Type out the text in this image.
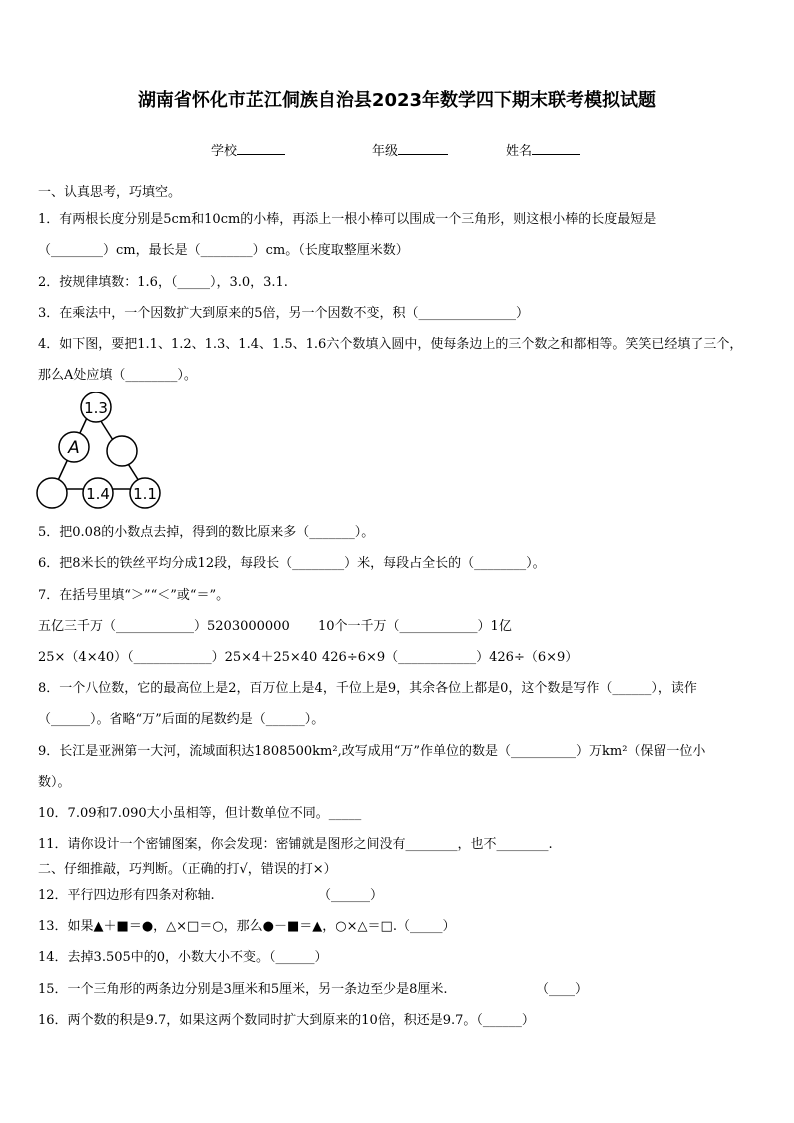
湖南省怀化市芷江侗族自治县2023年数学四下期末联考模拟试题
学校	年级	姓名
一、认真思考，巧填空。
1．有两根长度分别是5cm和10cm的小棒，再添上一根小棒可以围成一个三角形，则这根小棒的长度最短是
（________）cm，最长是（________）cm。（长度取整厘米数）
2．按规律填数：1.6，（_____），3.0，3.1.
3．在乘法中，一个因数扩大到原来的5倍，另一个因数不变，积（_______________）
4．如下图，要把1.1、1.2、1.3、1.4、1.5、1.6六个数填入圆中，使每条边上的三个数之和都相等。笑笑已经填了三个，
那么A处应填（________）。
1.3
A
1.4 1.1
5．把0.08的小数点去掉，得到的数比原来多（_______）。
6．把8米长的铁丝平均分成12段，每段长（________）米，每段占全长的（________）。
7．在括号里填“＞”“＜”或“＝”。
五亿三千万（____________）5203000000 10个一千万（____________）1亿
25×（4×40）（____________）25×4＋25×40 426÷6×9（____________）426÷（6×9）
8．一个八位数，它的最高位上是2，百万位上是4，千位上是9，其余各位上都是0，这个数是写作（______），读作
（______）。省略“万”后面的尾数约是（______）。
9．长江是亚洲第一大河，流域面积达1808500km²,改写成用“万”作单位的数是（__________）万km²（保留一位小
数）。
10．7.09和7.090大小虽相等，但计数单位不同。_____
11．请你设计一个密铺图案，你会发现：密铺就是图形之间没有________，也不________.
二、仔细推敲，巧判断。（正确的打√，错误的打×）
12．平行四边形有四条对称轴.	（______）
13．如果▲＋■＝●，△×□＝○，那么●－■＝▲，○×△＝□.（_____）
14．去掉3.505中的0，小数大小不变。（______）
15．一个三角形的两条边分别是3厘米和5厘米，另一条边至少是8厘米.	（____）
16．两个数的积是9.7，如果这两个数同时扩大到原来的10倍，积还是9.7。（______）
